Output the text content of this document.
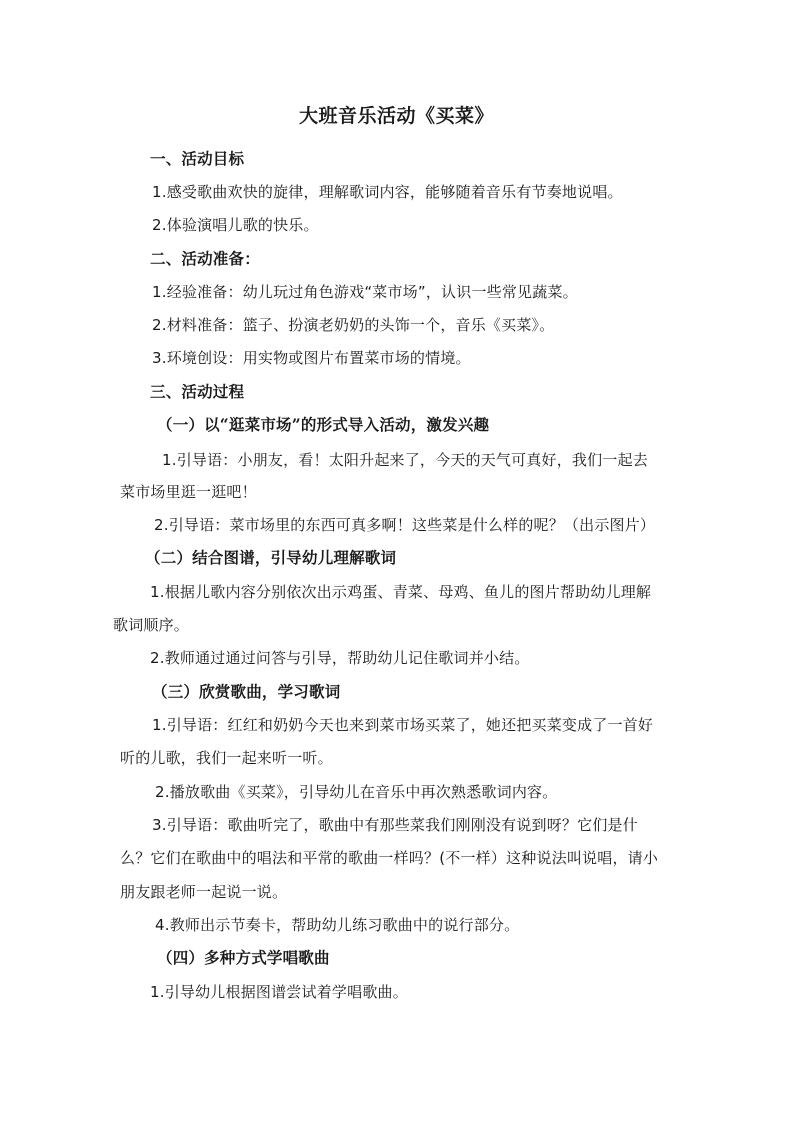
大班音乐活动《买菜》
一、活动目标
1.感受歌曲欢快的旋律，理解歌词内容，能够随着音乐有节奏地说唱。
2.体验演唱儿歌的快乐。
二、活动准备：
1.经验准备：幼儿玩过角色游戏“菜市场”，认识一些常见蔬菜。
2.材料准备：篮子、扮演老奶奶的头饰一个，音乐《买菜》。
3.环境创设：用实物或图片布置菜市场的情境。
三、活动过程
（一）以“逛菜市场”的形式导入活动，激发兴趣
1.引导语：小朋友，看！太阳升起来了，今天的天气可真好，我们一起去
菜市场里逛一逛吧！
2.引导语：菜市场里的东西可真多啊！这些菜是什么样的呢？（出示图片）
（二）结合图谱，引导幼儿理解歌词
1.根据儿歌内容分别依次出示鸡蛋、青菜、母鸡、鱼儿的图片帮助幼儿理解
歌词顺序。
2.教师通过通过问答与引导，帮助幼儿记住歌词并小结。
（三）欣赏歌曲，学习歌词
1.引导语：红红和奶奶今天也来到菜市场买菜了，她还把买菜变成了一首好
听的儿歌，我们一起来听一听。
2.播放歌曲《买菜》，引导幼儿在音乐中再次熟悉歌词内容。
3.引导语：歌曲听完了，歌曲中有那些菜我们刚刚没有说到呀？它们是什
么？它们在歌曲中的唱法和平常的歌曲一样吗？(不一样）这种说法叫说唱，请小
朋友跟老师一起说一说。
4.教师出示节奏卡，帮助幼儿练习歌曲中的说行部分。
（四）多种方式学唱歌曲
1.引导幼儿根据图谱尝试着学唱歌曲。
